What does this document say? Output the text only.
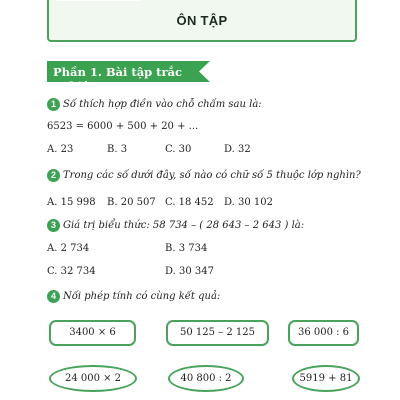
ÔN TẬP
Phần 1. Bài tập trắc nghiệm
1 Số thích hợp điền vào chỗ chấm sau là:
6523 = 6000 + 500 + 20 + ...
A. 23	B. 3	C. 30	D. 32
2 Trong các số dưới đây, số nào có chữ số 5 thuộc lớp nghìn?
A. 15 998 B. 20 507 C. 18 452 D. 30 102
3 Giá trị biểu thức: 58 734 – ( 28 643 – 2 643 ) là:
A. 2 734	B. 3 734
C. 32 734	D. 30 347
4 Nối phép tính có cùng kết quả:
3400 × 6	50 125 – 2 125	36 000 : 6
24 000 × 2	40 800 : 2	5919 + 81
